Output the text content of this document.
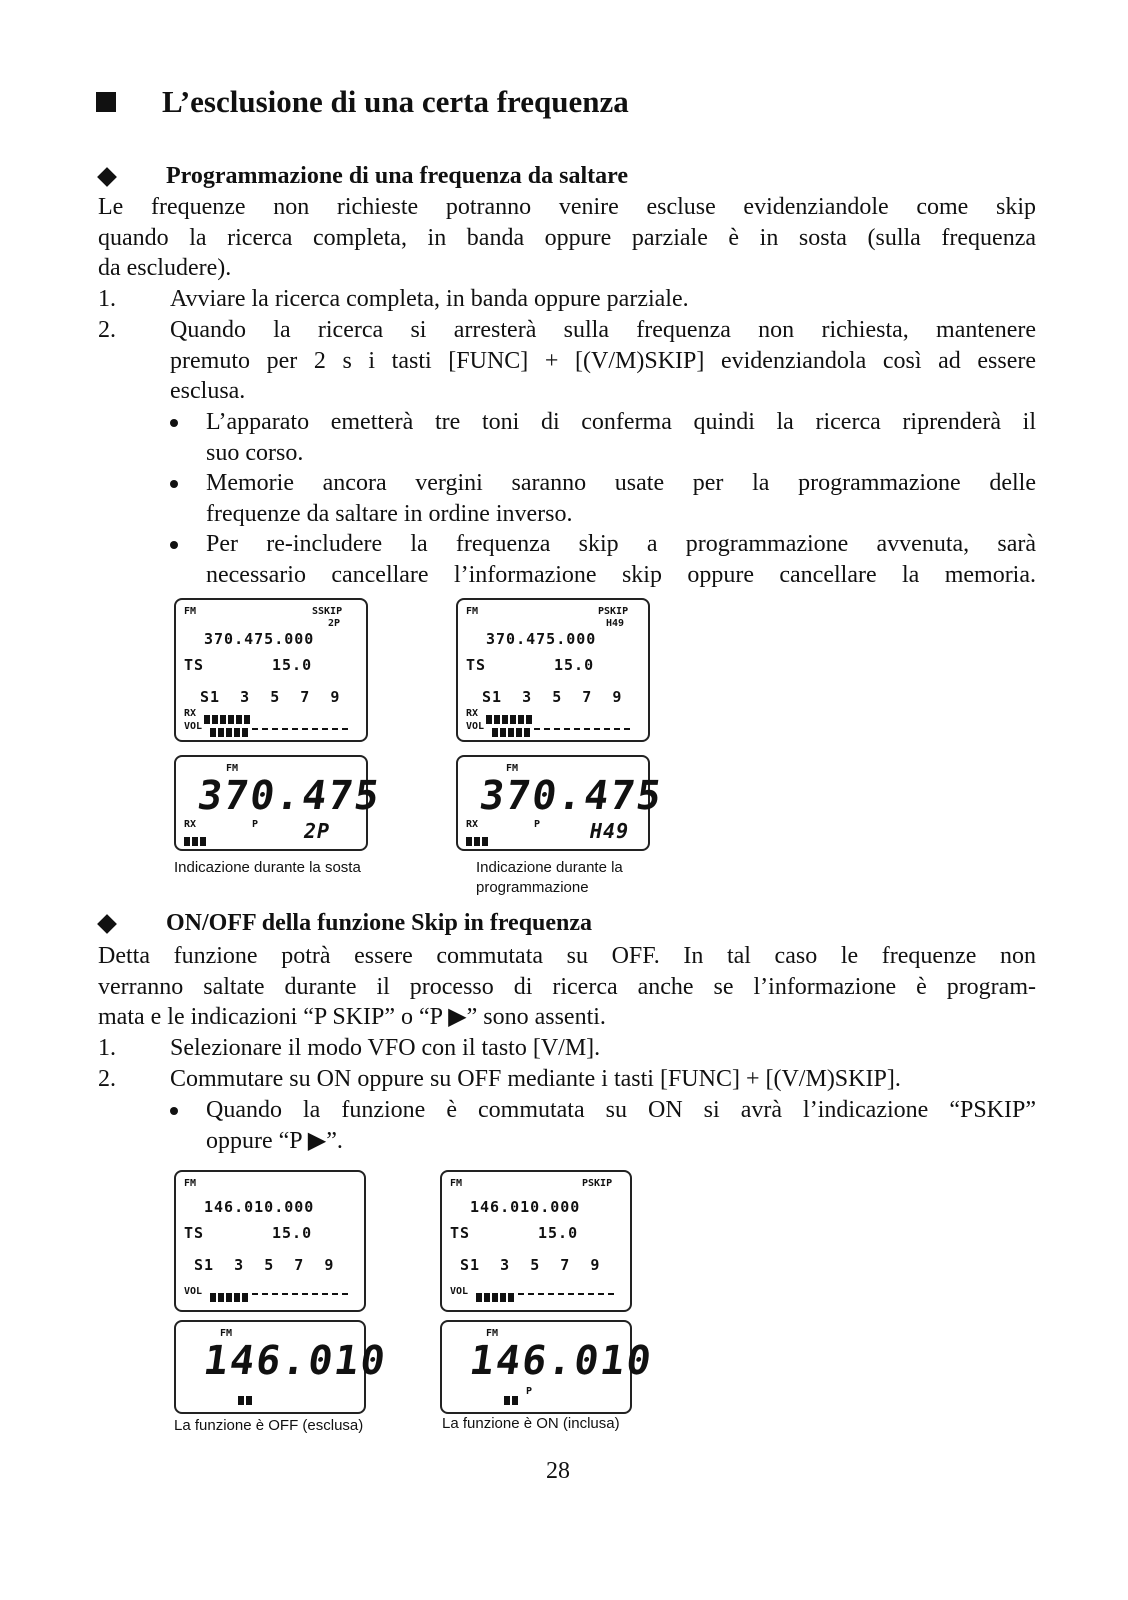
L’esclusione di una certa frequenza
Programmazione di una frequenza da saltare
Le frequenze non richieste potranno venire escluse evidenziandole come skip
quando la ricerca completa, in banda oppure parziale è in sosta (sulla frequenza
da escludere).
1. Avviare la ricerca completa, in banda oppure parziale.
2. Quando la ricerca si arresterà sulla frequenza non richiesta, mantenere
premuto per 2 s i tasti [FUNC] + [(V/M)SKIP] evidenziandola così ad essere
esclusa.
L’apparato emetterà tre toni di conferma quindi la ricerca riprenderà il
suo corso.
Memorie ancora vergini saranno usate per la programmazione delle
frequenze da saltare in ordine inverso.
Per re-includere la frequenza skip a programmazione avvenuta, sarà
necessario cancellare l’informazione skip oppure cancellare la memoria.
FM	SSKIP
2P
370.475.000
TS	15.0
S1  3  5  7  9
RX
VOL
FM	PSKIP
H49
370.475.000
TS	15.0
S1  3  5  7  9
RX
VOL
FM
370.475
RX	P 2P
FM
370.475
RX	P H49
Indicazione durante la sosta	Indicazione durante la
programmazione
ON/OFF della funzione Skip in frequenza
Detta funzione potrà essere commutata su OFF. In tal caso le frequenze non
verranno saltate durante il processo di ricerca anche se l’informazione è program-
mata e le indicazioni “P SKIP” o “P ▶” sono assenti.
1. Selezionare il modo VFO con il tasto [V/M].
2. Commutare su ON oppure su OFF mediante i tasti [FUNC] + [(V/M)SKIP].
Quando la funzione è commutata su ON si avrà l’indicazione “PSKIP”
oppure “P ▶”.
FM
146.010.000
TS	15.0
S1  3  5  7  9
VOL
FM	PSKIP
146.010.000
TS	15.0
S1  3  5  7  9
VOL
FM
146.010
FM
146.010
P
La funzione è OFF (esclusa)	La funzione è ON (inclusa)
28
